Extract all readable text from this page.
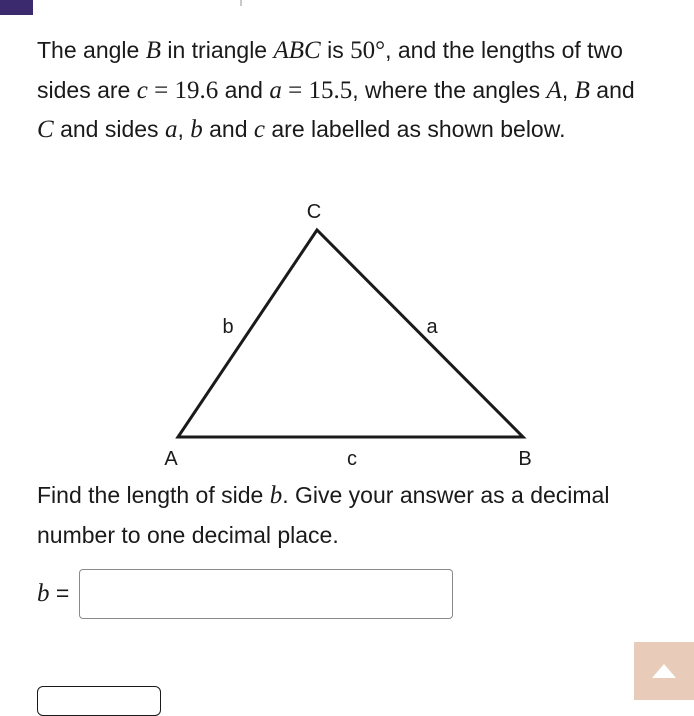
The angle B in triangle ABC is 50°, and the lengths of two sides are c = 19.6 and a = 15.5, where the angles A, B and C and sides a, b and c are labelled as shown below.
C
A	B
b	a
c
Find the length of side b. Give your answer as a decimal number to one decimal place.
b =
